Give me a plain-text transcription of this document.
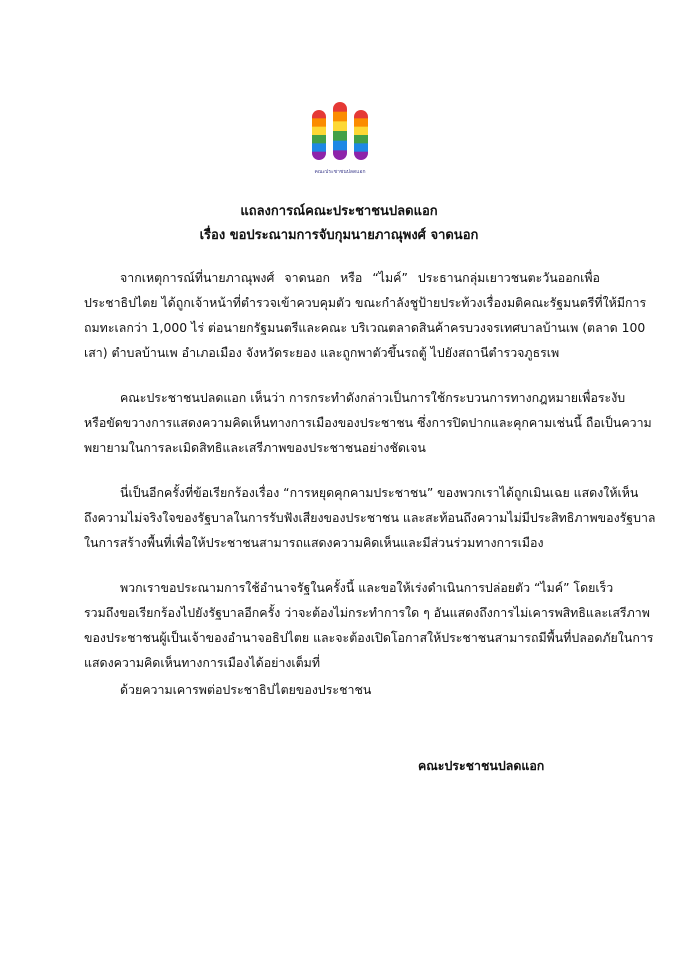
คณะประชาชนปลดแอก
แถลงการณ์คณะประชาชนปลดแอก
เรื่อง ขอประณามการจับกุมนายภาณุพงศ์ จาดนอก
จากเหตุการณ์ที่นายภาณุพงศ์ จาดนอก หรือ “ไมค์” ประธานกลุ่มเยาวชนตะวันออกเพื่อ
ประชาธิปไตย ได้ถูกเจ้าหน้าที่ตำรวจเข้าควบคุมตัว ขณะกำลังชูป้ายประท้วงเรื่องมติคณะรัฐมนตรีที่ให้มีการ
ถมทะเลกว่า 1,000 ไร่ ต่อนายกรัฐมนตรีและคณะ บริเวณตลาดสินค้าครบวงจรเทศบาลบ้านเพ (ตลาด 100
เสา) ตำบลบ้านเพ อำเภอเมือง จังหวัดระยอง และถูกพาตัวขึ้นรถตู้ ไปยังสถานีตำรวจภูธรเพ
คณะประชาชนปลดแอก เห็นว่า การกระทำดังกล่าวเป็นการใช้กระบวนการทางกฎหมายเพื่อระงับ
หรือขัดขวางการแสดงความคิดเห็นทางการเมืองของประชาชน ซึ่งการปิดปากและคุกคามเช่นนี้ ถือเป็นความ
พยายามในการละเมิดสิทธิและเสรีภาพของประชาชนอย่างชัดเจน
นี่เป็นอีกครั้งที่ข้อเรียกร้องเรื่อง “การหยุดคุกคามประชาชน” ของพวกเราได้ถูกเมินเฉย แสดงให้เห็น
ถึงความไม่จริงใจของรัฐบาลในการรับฟังเสียงของประชาชน และสะท้อนถึงความไม่มีประสิทธิภาพของรัฐบาล
ในการสร้างพื้นที่เพื่อให้ประชาชนสามารถแสดงความคิดเห็นและมีส่วนร่วมทางการเมือง
พวกเราขอประณามการใช้อำนาจรัฐในครั้งนี้ และขอให้เร่งดำเนินการปล่อยตัว “ไมค์” โดยเร็ว
รวมถึงขอเรียกร้องไปยังรัฐบาลอีกครั้ง ว่าจะต้องไม่กระทำการใด ๆ อันแสดงถึงการไม่เคารพสิทธิและเสรีภาพ
ของประชาชนผู้เป็นเจ้าของอำนาจอธิปไตย และจะต้องเปิดโอกาสให้ประชาชนสามารถมีพื้นที่ปลอดภัยในการ
แสดงความคิดเห็นทางการเมืองได้อย่างเต็มที่
ด้วยความเคารพต่อประชาธิปไตยของประชาชน
คณะประชาชนปลดแอก
